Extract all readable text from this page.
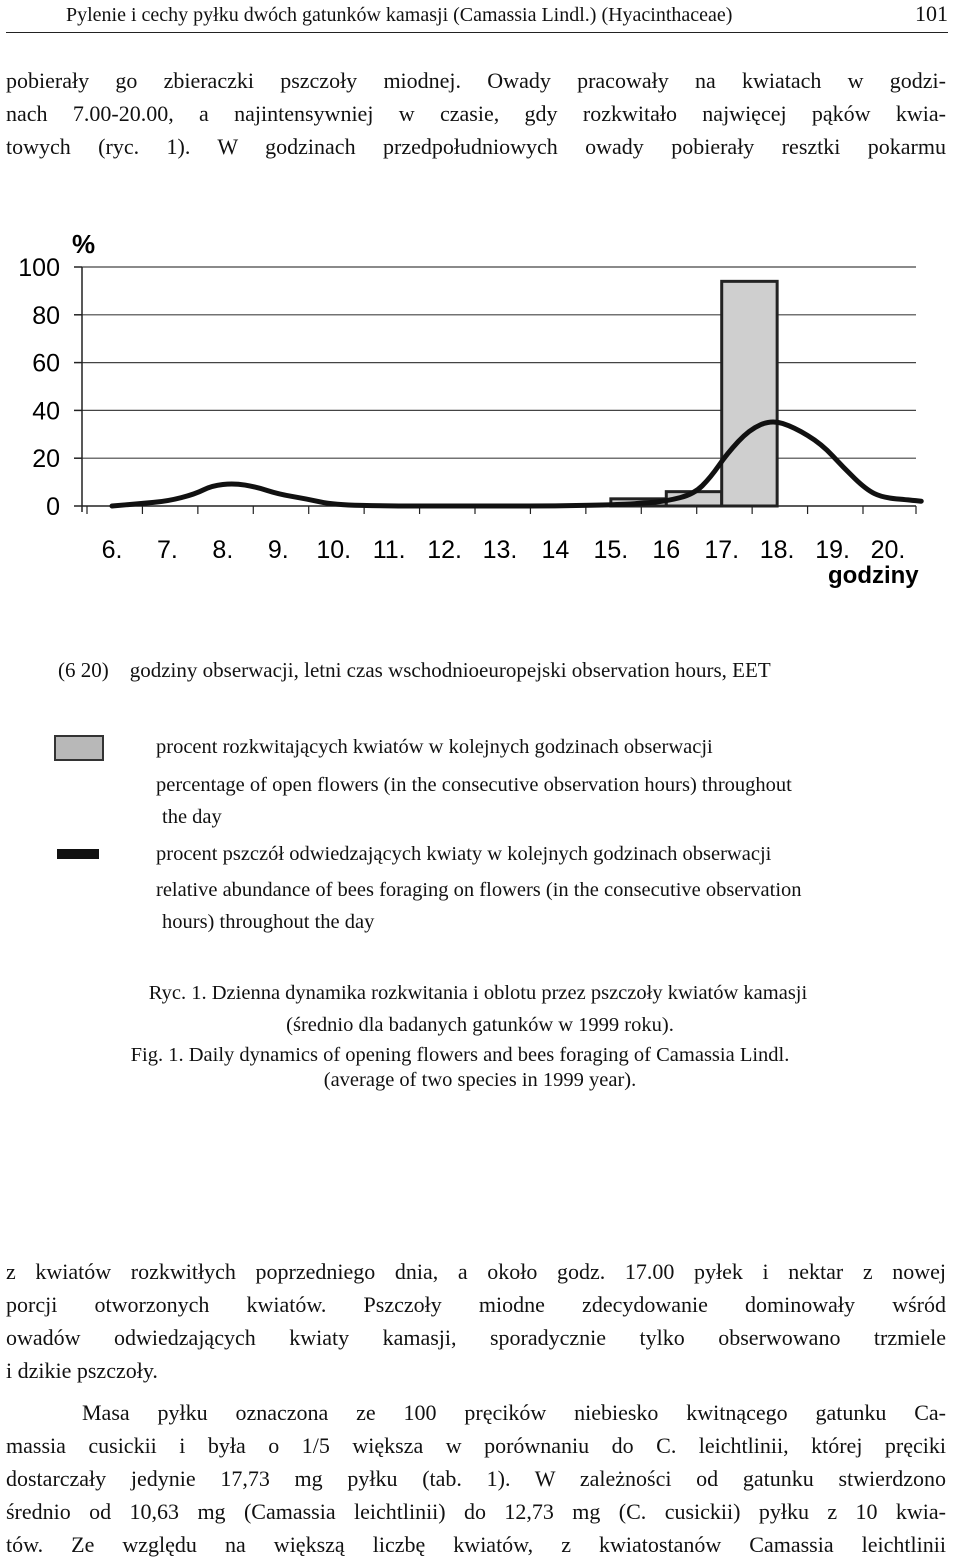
Pylenie i cechy pyłku dwóch gatunków kamasji (Camassia Lindl.) (Hyacinthaceae)	101
pobierały go zbieraczki pszczoły miodnej. Owady pracowały na kwiatach w godzi-
nach 7.00-20.00, a najintensywniej w czasie, gdy rozkwitało najwięcej pąków kwia-
towych (ryc. 1). W godzinach przedpołudniowych owady pobierały resztki pokarmu
0
20
40
60
80
100
6. 7. 8. 9. 10. 11. 12. 13. 14 15. 16 17. 18. 19. 20.
%
godziny
(6 20)    godziny obserwacji, letni czas wschodnioeuropejski observation hours, EET
procent rozkwitających kwiatów w kolejnych godzinach obserwacji
percentage of open flowers (in the consecutive observation hours) throughout
the day
procent pszczół odwiedzających kwiaty w kolejnych godzinach obserwacji
relative abundance of bees foraging on flowers (in the consecutive observation
hours) throughout the day
Ryc. 1. Dzienna dynamika rozkwitania i oblotu przez pszczoły kwiatów kamasji
(średnio dla badanych gatunków w 1999 roku).
Fig. 1. Daily dynamics of opening flowers and bees foraging of Camassia Lindl.
(average of two species in 1999 year).
z kwiatów rozkwitłych poprzedniego dnia, a około godz. 17.00 pyłek i nektar z nowej
porcji otworzonych kwiatów. Pszczoły miodne zdecydowanie dominowały wśród
owadów odwiedzających kwiaty kamasji, sporadycznie tylko obserwowano trzmiele
i dzikie pszczoły.
Masa pyłku oznaczona ze 100 pręcików niebiesko kwitnącego gatunku Ca-
massia cusickii i była o 1/5 większa w porównaniu do C. leichtlinii, której pręciki
dostarczały jedynie 17,73 mg pyłku (tab. 1). W zależności od gatunku stwierdzono
średnio od 10,63 mg (Camassia leichtlinii) do 12,73 mg (C. cusickii) pyłku z 10 kwia-
tów. Ze względu na większą liczbę kwiatów, z kwiatostanów Camassia leichtlinii
